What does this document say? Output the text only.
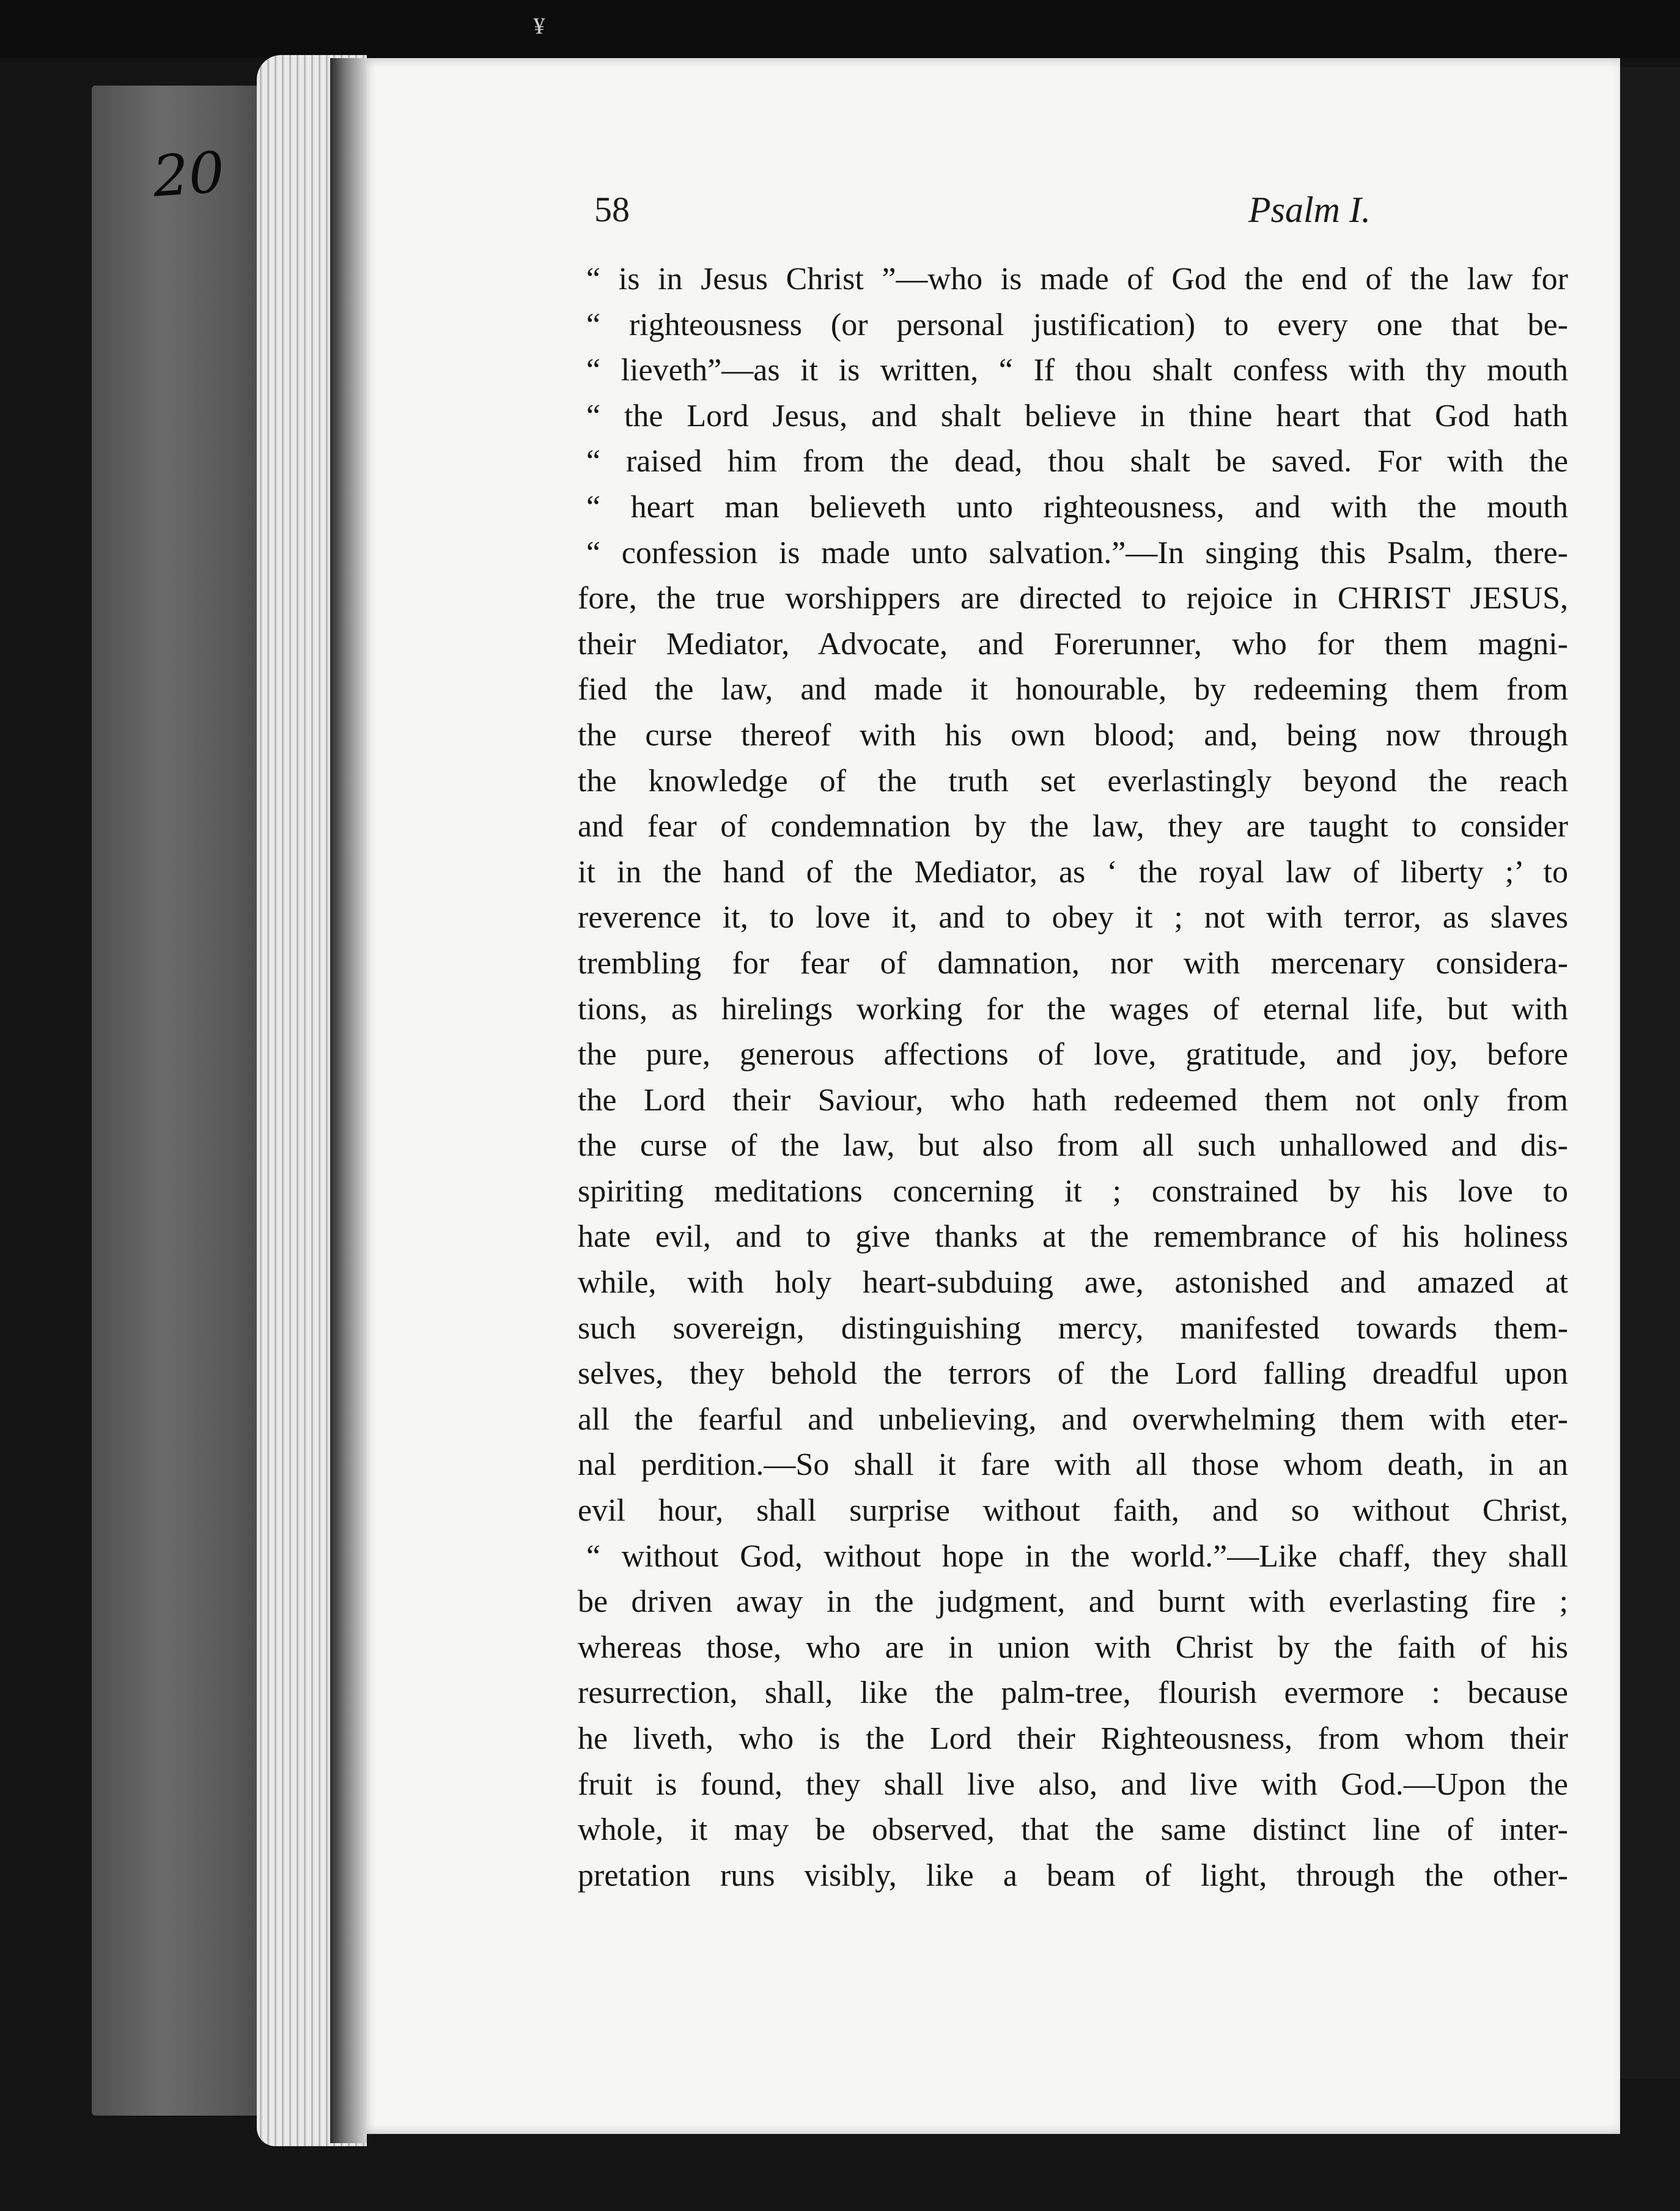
¥
20	58	Psalm I.
“ is in Jesus Christ ”—who is made of God the end of the law for
“ righteousness (or personal justification) to every one that be-
“ lieveth”—as it is written, “ If thou shalt confess with thy mouth
“ the Lord Jesus, and shalt believe in thine heart that God hath
“ raised him from the dead, thou shalt be saved. For with the
“ heart man believeth unto righteousness, and with the mouth
“ confession is made unto salvation.”—In singing this Psalm, there-
fore, the true worshippers are directed to rejoice in CHRIST JESUS,
their Mediator, Advocate, and Forerunner, who for them magni-
fied the law, and made it honourable, by redeeming them from
the curse thereof with his own blood; and, being now through
the knowledge of the truth set everlastingly beyond the reach
and fear of condemnation by the law, they are taught to consider
it in the hand of the Mediator, as ‘ the royal law of liberty ;’ to
reverence it, to love it, and to obey it ; not with terror, as slaves
trembling for fear of damnation, nor with mercenary considera-
tions, as hirelings working for the wages of eternal life, but with
the pure, generous affections of love, gratitude, and joy, before
the Lord their Saviour, who hath redeemed them not only from
the curse of the law, but also from all such unhallowed and dis-
spiriting meditations concerning it ; constrained by his love to
hate evil, and to give thanks at the remembrance of his holiness
while, with holy heart-subduing awe, astonished and amazed at
such sovereign, distinguishing mercy, manifested towards them-
selves, they behold the terrors of the Lord falling dreadful upon
all the fearful and unbelieving, and overwhelming them with eter-
nal perdition.—So shall it fare with all those whom death, in an
evil hour, shall surprise without faith, and so without Christ,
“ without God, without hope in the world.”—Like chaff, they shall
be driven away in the judgment, and burnt with everlasting fire ;
whereas those, who are in union with Christ by the faith of his
resurrection, shall, like the palm-tree, flourish evermore : because
he liveth, who is the Lord their Righteousness, from whom their
fruit is found, they shall live also, and live with God.—Upon the
whole, it may be observed, that the same distinct line of inter-
pretation runs visibly, like a beam of light, through the other-
